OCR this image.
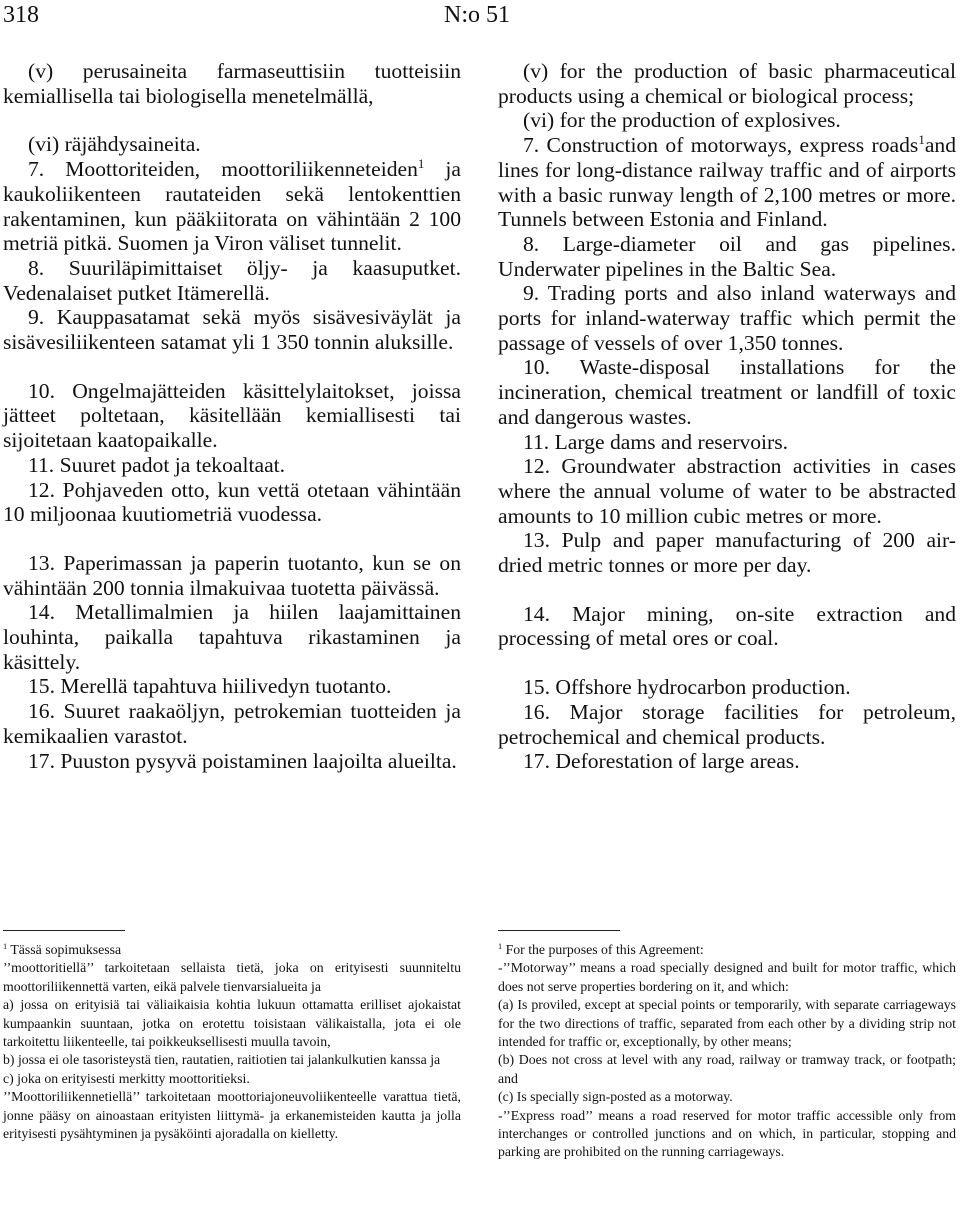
318	N:o 51

(v) perusaineita farmaseuttisiin tuotteisiin kemiallisella tai biologisella menetelmällä,

(vi) räjähdysaineita.

7. Moottoriteiden, moottoriliikenneteiden$^1$ ja kaukoliikenteen rautateiden sekä lentokenttien rakentaminen, kun pääkiitorata on vähintään 2 100 metriä pitkä. Suomen ja Viron väliset tunnelit.

8. Suuriläpimittaiset öljy- ja kaasuputket. Vedenalaiset putket Itämerellä.

9. Kauppasatamat sekä myös sisävesiväylät ja sisävesiliikenteen satamat yli 1 350 tonnin aluksille.

10. Ongelmajätteiden käsittelylaitokset, joissa jätteet poltetaan, käsitellään kemiallisesti tai sijoitetaan kaatopaikalle.

11. Suuret padot ja tekoaltaat.

12. Pohjaveden otto, kun vettä otetaan vähintään 10 miljoonaa kuutiometriä vuodessa.

13. Paperimassan ja paperin tuotanto, kun se on vähintään 200 tonnia ilmakuivaa tuotetta päivässä.

14. Metallimalmien ja hiilen laajamittainen louhinta, paikalla tapahtuva rikastaminen ja käsittely.

15. Merellä tapahtuva hiilivedyn tuotanto.

16. Suuret raakaöljyn, petrokemian tuotteiden ja kemikaalien varastot.

17. Puuston pysyvä poistaminen laajoilta alueilta.

(v) for the production of basic pharmaceutical products using a chemical or biological process;

(vi) for the production of explosives.

7. Construction of motorways, express roads$^1$and lines for long-distance railway traffic and of airports with a basic runway length of 2,100 metres or more. Tunnels between Estonia and Finland.

8. Large-diameter oil and gas pipelines. Underwater pipelines in the Baltic Sea.

9. Trading ports and also inland waterways and ports for inland-waterway traffic which permit the passage of vessels of over 1,350 tonnes.

10. Waste-disposal installations for the incineration, chemical treatment or landfill of toxic and dangerous wastes.

11. Large dams and reservoirs.

12. Groundwater abstraction activities in cases where the annual volume of water to be abstracted amounts to 10 million cubic metres or more.

13. Pulp and paper manufacturing of 200 air-dried metric tonnes or more per day.

14. Major mining, on-site extraction and processing of metal ores or coal.

15. Offshore hydrocarbon production.

16. Major storage facilities for petroleum, petrochemical and chemical products.

17. Deforestation of large areas.

$^1$ Tässä sopimuksessa

’’moottoritiellä’’ tarkoitetaan sellaista tietä, joka on erityisesti suunniteltu moottoriliikennettä varten, eikä palvele tienvarsialueita ja

a) jossa on erityisiä tai väliaikaisia kohtia lukuun ottamatta erilliset ajokaistat kumpaankin suuntaan, jotka on erotettu toisistaan välikaistalla, jota ei ole tarkoitettu liikenteelle, tai poikkeuksellisesti muulla tavoin,

b) jossa ei ole tasoristeystä tien, rautatien, raitiotien tai jalankulkutien kanssa ja

c) joka on erityisesti merkitty moottoritieksi.

’’Moottoriliikennetiellä’’ tarkoitetaan moottoriajoneuvoliikenteelle varattua tietä, jonne pääsy on ainoastaan erityisten liittymä- ja erkanemisteiden kautta ja jolla erityisesti pysähtyminen ja pysäköinti ajoradalla on kielletty.

$^1$ For the purposes of this Agreement:

-’’Motorway’’ means a road specially designed and built for motor traffic, which does not serve properties bordering on it, and which:

(a) Is proviled, except at special points or temporarily, with separate carriageways for the two directions of traffic, separated from each other by a dividing strip not intended for traffic or, exceptionally, by other means;

(b) Does not cross at level with any road, railway or tramway track, or footpath; and

(c) Is specially sign-posted as a motorway.

-’’Express road’’ means a road reserved for motor traffic accessible only from interchanges or controlled junctions and on which, in particular, stopping and parking are prohibited on the running carriageways.
